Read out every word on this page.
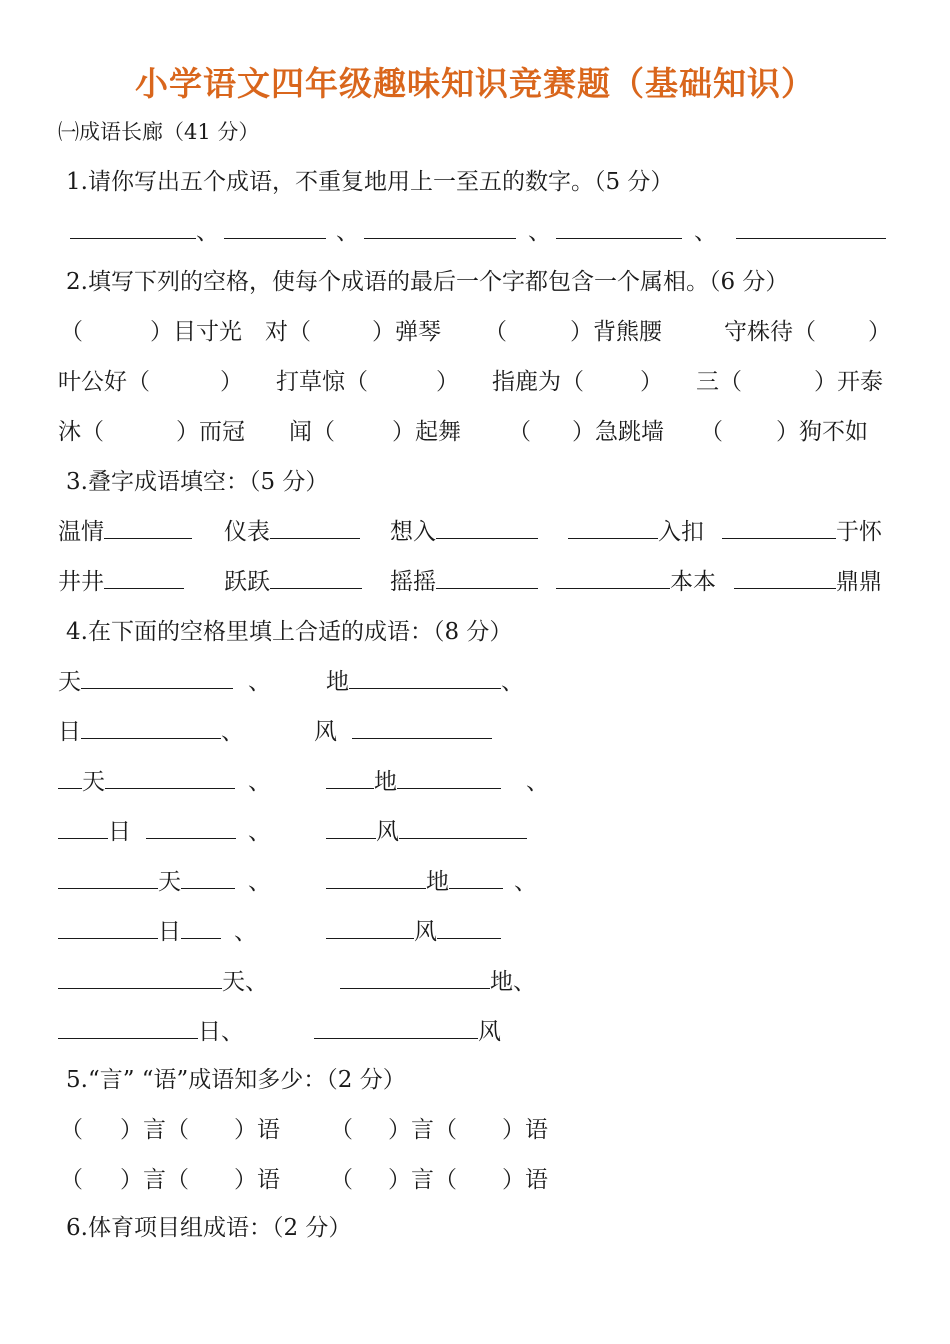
小学语文四年级趣味知识竞赛题（基础知识）
㈠成语长廊（41 分）
1.请你写出五个成语，不重复地用上一至五的数字。（5 分）
、	、	、	、
2.填写下列的空格，使每个成语的最后一个字都包含一个属相。（6 分）
（	）目寸光 对（	）弹琴 （	）背熊腰	守株待（ ）
叶公好（	） 打草惊（	） 指鹿为（ ） 三（	）开泰
沐（	）而冠 闻（ ）起舞 （ ）急跳墙 （ ）狗不如
3.叠字成语填空：（5 分）
温情	仪表	想入	入扣	于怀
井井	跃跃	摇摇	本本	鼎鼎
4.在下面的空格里填上合适的成语：（8 分）
天	、 地	、
日	、	风
天	、	地	、
日	、	风
天	、	地	、
日	、	风
天、	地、
日、	风
5.“言” “语”成语知多少：（2 分）
（ ）言（ ）语 （ ）言（ ）语
（ ）言（ ）语 （ ）言（ ）语
6.体育项目组成语：（2 分）
